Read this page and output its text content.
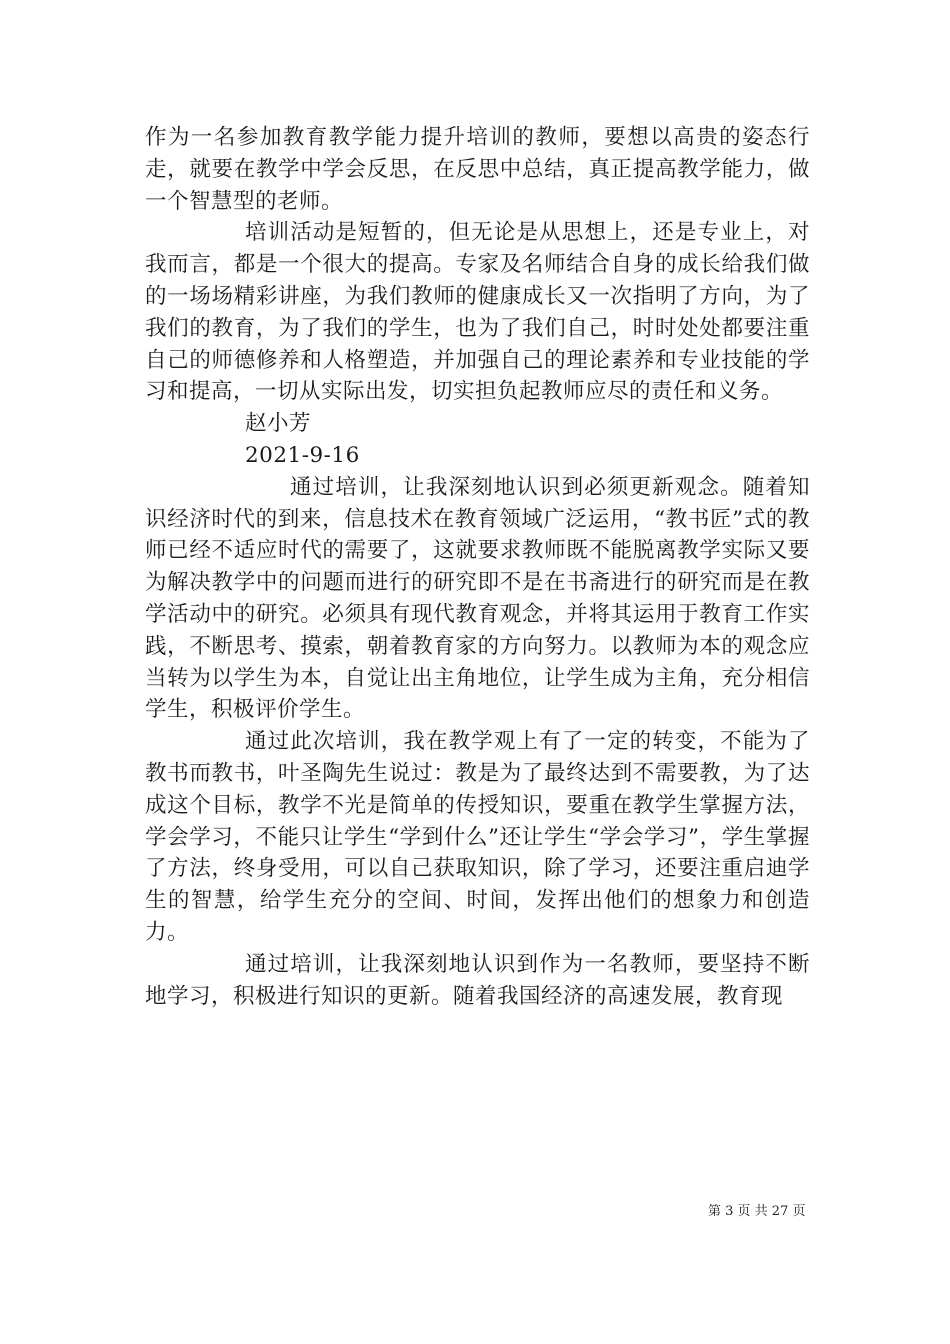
作为一名参加教育教学能力提升培训的教师，要想以高贵的姿态行走，就要在教学中学会反思，在反思中总结，真正提高教学能力，做一个智慧型的老师。

培训活动是短暂的，但无论是从思想上，还是专业上，对我而言，都是一个很大的提高。专家及名师结合自身的成长给我们做的一场场精彩讲座，为我们教师的健康成长又一次指明了方向，为了我们的教育，为了我们的学生，也为了我们自己，时时处处都要注重自己的师德修养和人格塑造，并加强自己的理论素养和专业技能的学习和提高，一切从实际出发，切实担负起教师应尽的责任和义务。

赵小芳

2021-9-16

通过培训，让我深刻地认识到必须更新观念。随着知识经济时代的到来，信息技术在教育领域广泛运用，“教书匠”式的教师已经不适应时代的需要了，这就要求教师既不能脱离教学实际又要为解决教学中的问题而进行的研究即不是在书斋进行的研究而是在教学活动中的研究。必须具有现代教育观念，并将其运用于教育工作实践，不断思考、摸索，朝着教育家的方向努力。以教师为本的观念应当转为以学生为本，自觉让出主角地位，让学生成为主角，充分相信学生，积极评价学生。

通过此次培训，我在教学观上有了一定的转变，不能为了教书而教书，叶圣陶先生说过：教是为了最终达到不需要教，为了达成这个目标，教学不光是简单的传授知识，要重在教学生掌握方法，学会学习，不能只让学生“学到什么”还让学生“学会学习”，学生掌握了方法，终身受用，可以自己获取知识，除了学习，还要注重启迪学生的智慧，给学生充分的空间、时间，发挥出他们的想象力和创造力。

通过培训，让我深刻地认识到作为一名教师，要坚持不断地学习，积极进行知识的更新。随着我国经济的高速发展，教育现

第 3 页 共 27 页
